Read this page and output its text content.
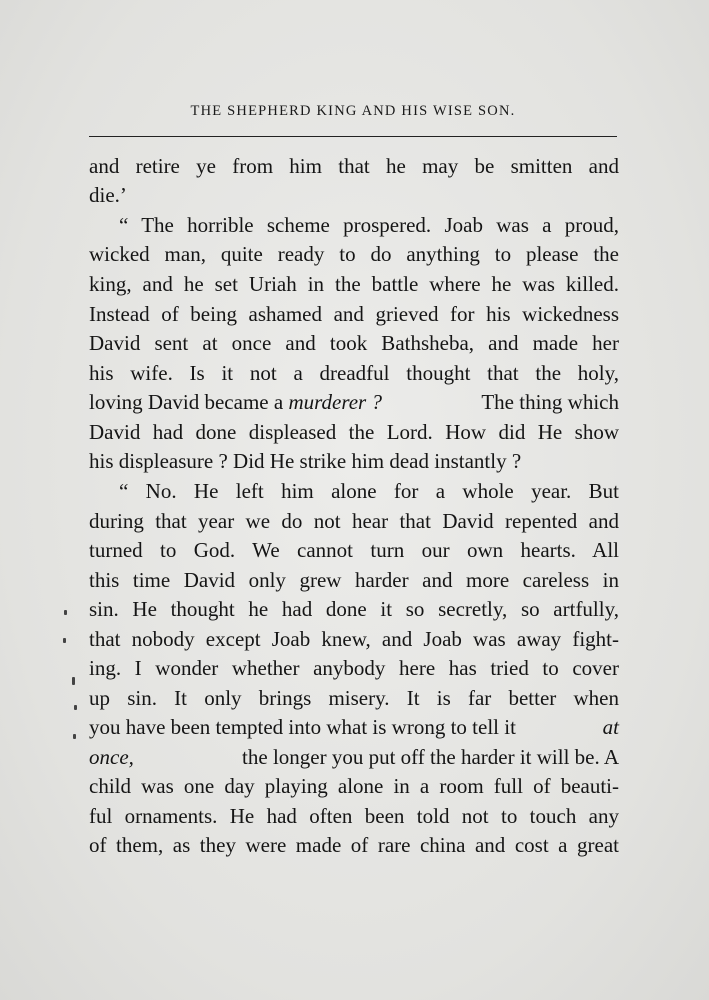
THE SHEPHERD KING AND HIS WISE SON.
and retire ye from him that he may be smitten and
die.’
“ The horrible scheme prospered. Joab was a proud,
wicked man, quite ready to do anything to please the
king, and he set Uriah in the battle where he was killed.
Instead of being ashamed and grieved for his wickedness
David sent at once and took Bathsheba, and made her
his wife. Is it not a dreadful thought that the holy,
loving David became a murderer ?	The thing which
David had done displeased the Lord. How did He show
his displeasure ? Did He strike him dead instantly ?
“ No. He left him alone for a whole year. But
during that year we do not hear that David repented and
turned to God. We cannot turn our own hearts. All
this time David only grew harder and more careless in
sin. He thought he had done it so secretly, so artfully,
that nobody except Joab knew, and Joab was away fight-
ing. I wonder whether anybody here has tried to cover
up sin. It only brings misery. It is far better when
you have been tempted into what is wrong to tell it	at
once,	the longer you put off the harder it will be. A
child was one day playing alone in a room full of beauti-
ful ornaments. He had often been told not to touch any
of them, as they were made of rare china and cost a great
